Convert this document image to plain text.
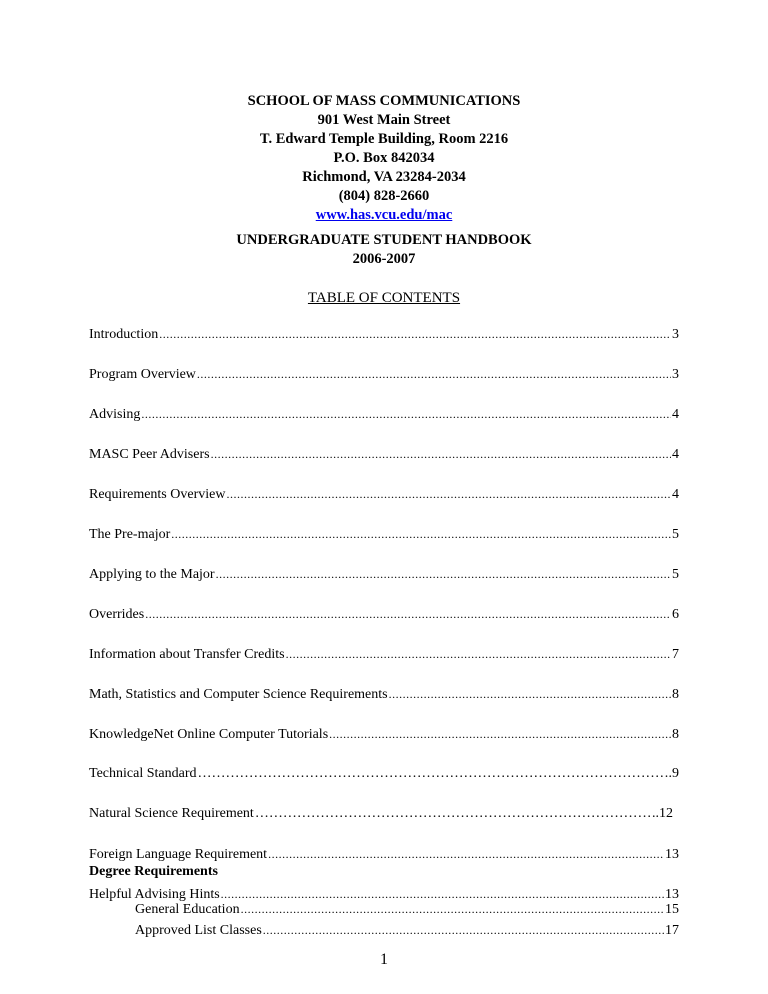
SCHOOL OF MASS COMMUNICATIONS
901 West Main Street
T. Edward Temple Building, Room 2216
P.O. Box 842034
Richmond, VA 23284-2034
(804) 828-2660
www.has.vcu.edu/mac
UNDERGRADUATE STUDENT HANDBOOK
2006-2007
TABLE OF CONTENTS
Introduction .....	3
Program Overview .....	3
Advising .....	4
MASC Peer Advisers .....	4
Requirements Overview .....	4
The Pre-major .....	5
Applying to the Major .....	5
Overrides .....	6
Information about Transfer Credits .....	7
Math, Statistics and Computer Science Requirements .....	8
KnowledgeNet Online Computer Tutorials .....	8
Technical Standard ………………………………………………………………………………………………………………………………………	.9
Natural Science Requirement ………………………………………………………………………………………………………………………………………	..12
Foreign Language Requirement .....	13
Helpful Advising Hints .....	13
Degree Requirements
General Education .....	15
Approved List Classes .....	17
1
